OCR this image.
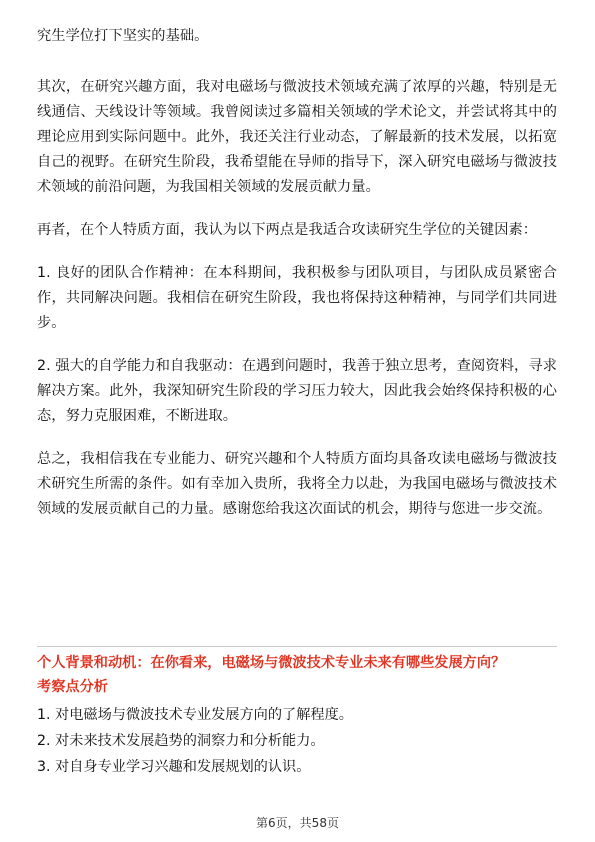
究生学位打下坚实的基础。

其次，在研究兴趣方面，我对电磁场与微波技术领域充满了浓厚的兴趣，特别是无线通信、天线设计等领域。我曾阅读过多篇相关领域的学术论文，并尝试将其中的理论应用到实际问题中。此外，我还关注行业动态，了解最新的技术发展，以拓宽自己的视野。在研究生阶段，我希望能在导师的指导下，深入研究电磁场与微波技术领域的前沿问题，为我国相关领域的发展贡献力量。

再者，在个人特质方面，我认为以下两点是我适合攻读研究生学位的关键因素：

1. 良好的团队合作精神：在本科期间，我积极参与团队项目，与团队成员紧密合作，共同解决问题。我相信在研究生阶段，我也将保持这种精神，与同学们共同进步。

2. 强大的自学能力和自我驱动：在遇到问题时，我善于独立思考，查阅资料，寻求解决方案。此外，我深知研究生阶段的学习压力较大，因此我会始终保持积极的心态，努力克服困难，不断进取。

总之，我相信我在专业能力、研究兴趣和个人特质方面均具备攻读电磁场与微波技术研究生所需的条件。如有幸加入贵所，我将全力以赴，为我国电磁场与微波技术领域的发展贡献自己的力量。感谢您给我这次面试的机会，期待与您进一步交流。

个人背景和动机：在你看来，电磁场与微波技术专业未来有哪些发展方向？
考察点分析
1. 对电磁场与微波技术专业发展方向的了解程度。
2. 对未来技术发展趋势的洞察力和分析能力。
3. 对自身专业学习兴趣和发展规划的认识。
第6页，共58页
